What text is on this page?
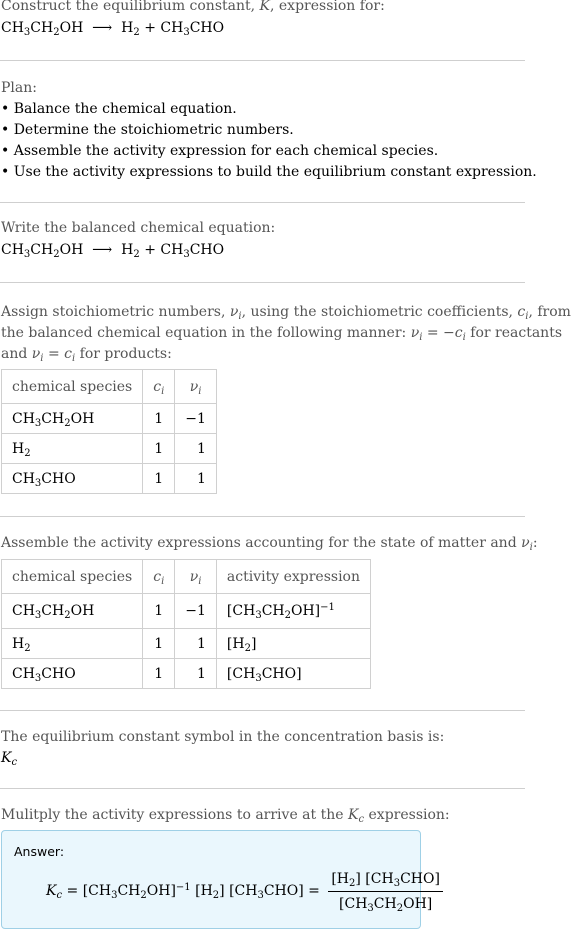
Construct the equilibrium constant, K, expression for:
$CH_3CH_2OH$  ⟶  $H_2 + CH_3CHO$
Plan:
• Balance the chemical equation.
• Determine the stoichiometric numbers.
• Assemble the activity expression for each chemical species.
• Use the activity expressions to build the equilibrium constant expression.
Write the balanced chemical equation:
$CH_3CH_2OH$  ⟶  $H_2 + CH_3CHO$
Assign stoichiometric numbers, $\nu_i$, using the stoichiometric coefficients, $c_i$, from
the balanced chemical equation in the following manner: $\nu_i = -c_i$ for reactants
and $\nu_i = c_i$ for products:
chemical species	$c_i$	$\nu_i$
$CH_3CH_2OH$	1	−1
$H_2$	1	1
$CH_3CHO$	1	1
Assemble the activity expressions accounting for the state of matter and $\nu_i$:
chemical species	$c_i$	$\nu_i$	activity expression
$CH_3CH_2OH$	1	−1	$[CH_3CH_2OH]^{-1}$
$H_2$	1	1	$[H_2]$
$CH_3CHO$	1	1	$[CH_3CHO]$
The equilibrium constant symbol in the concentration basis is:
$K_c$
Mulitply the activity expressions to arrive at the $K_c$ expression:
Answer:
$K_c = [CH_3CH_2OH]^{-1}$ $[H_2] [CH_3CHO] = \frac{[H_2] [CH_3CHO]}{[CH_3CH_2OH]}$
